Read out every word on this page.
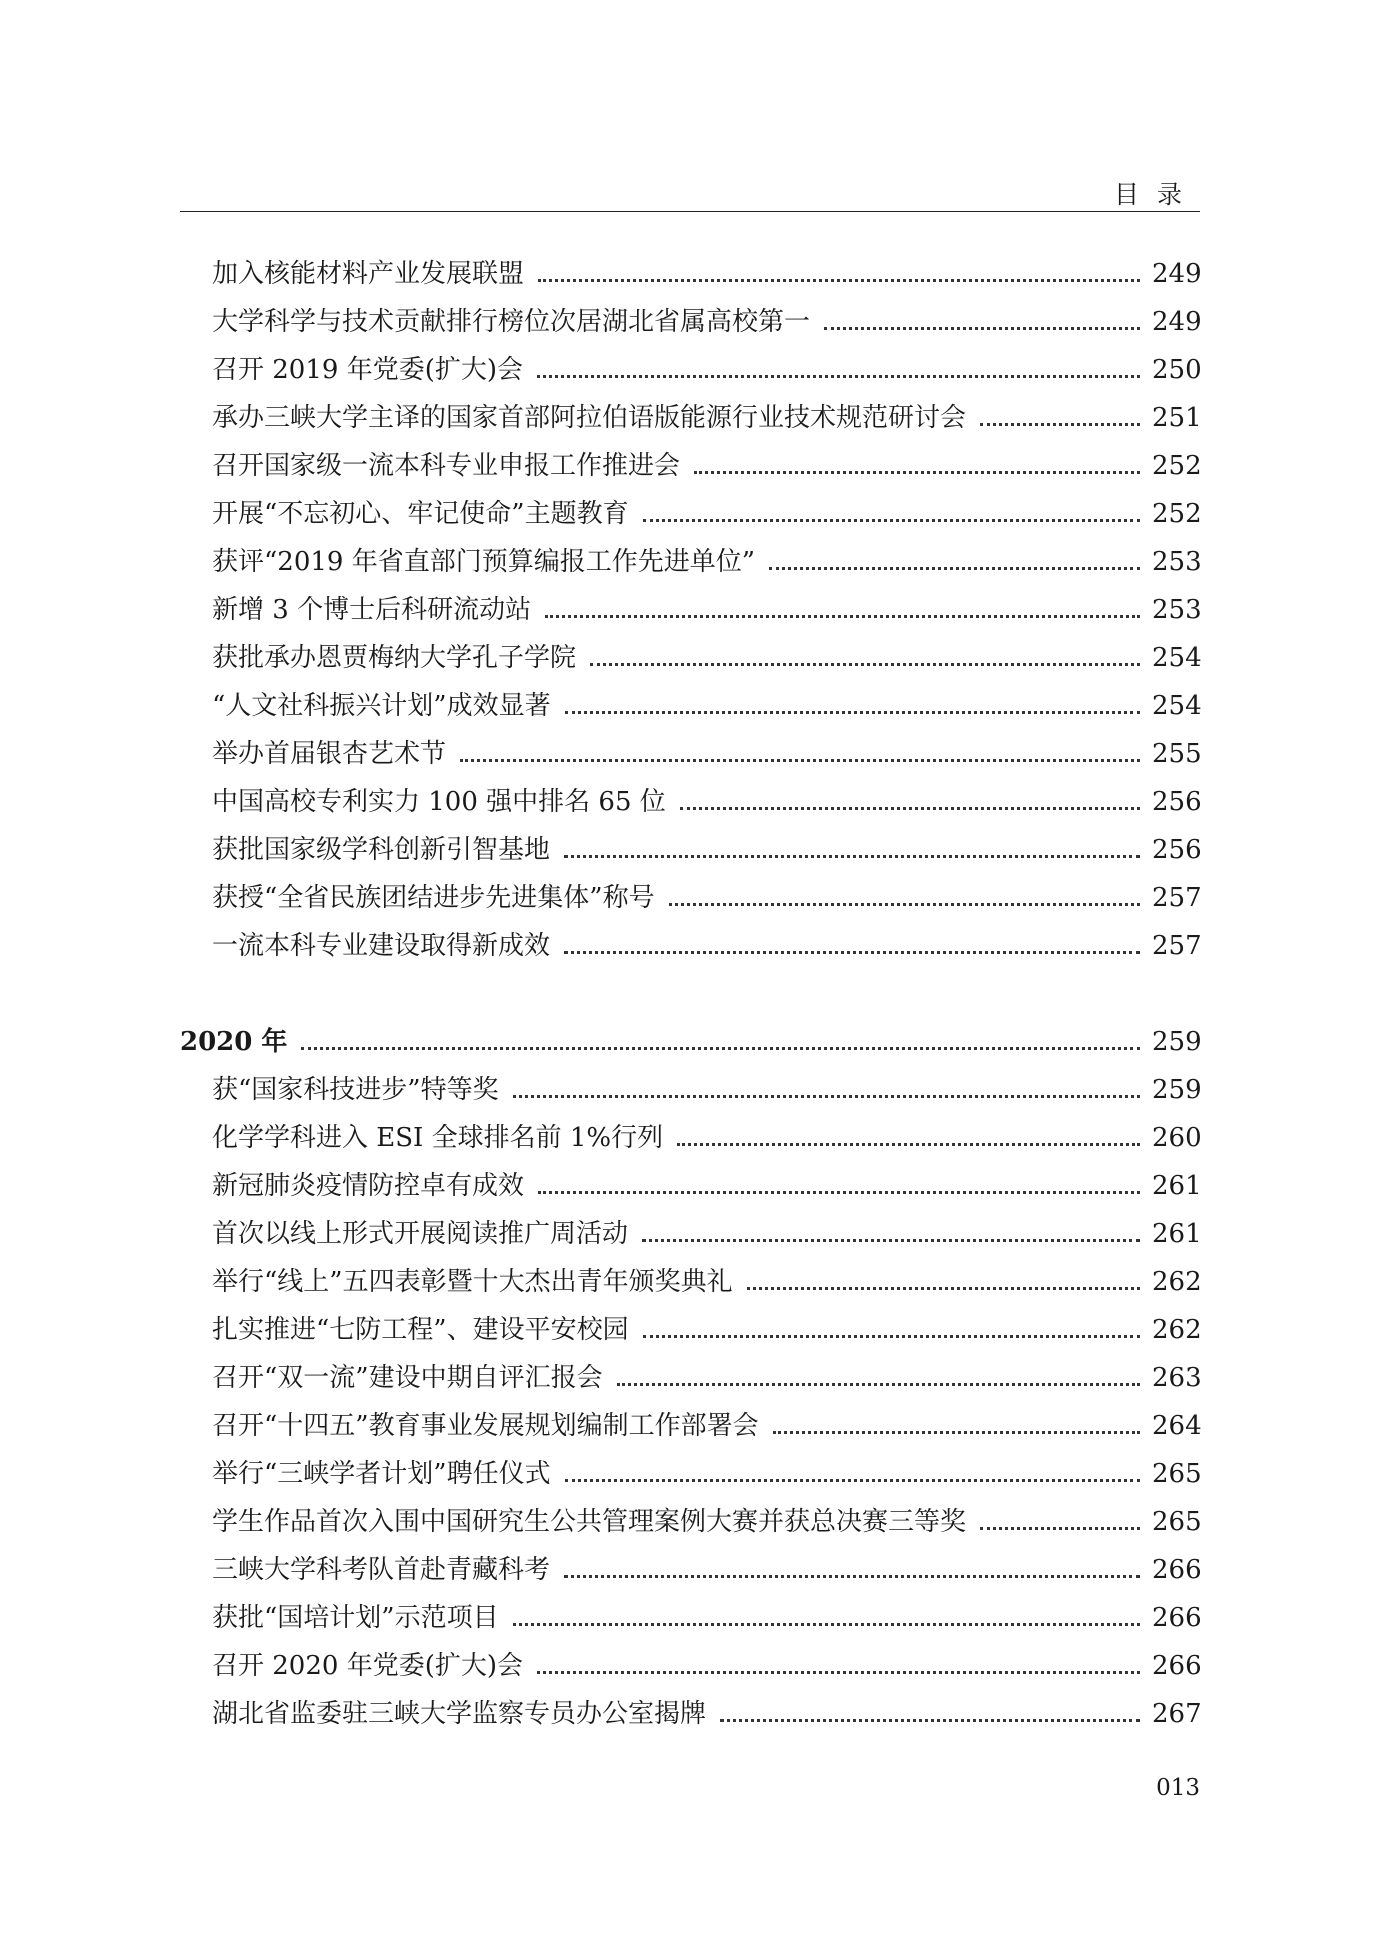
目录
加入核能材料产业发展联盟	249
大学科学与技术贡献排行榜位次居湖北省属高校第一	249
召开 2019 年党委(扩大)会	250
承办三峡大学主译的国家首部阿拉伯语版能源行业技术规范研讨会	251
召开国家级一流本科专业申报工作推进会	252
开展“不忘初心、牢记使命”主题教育	252
获评“2019 年省直部门预算编报工作先进单位”	253
新增 3 个博士后科研流动站	253
获批承办恩贾梅纳大学孔子学院	254
“人文社科振兴计划”成效显著	254
举办首届银杏艺术节	255
中国高校专利实力 100 强中排名 65 位	256
获批国家级学科创新引智基地	256
获授“全省民族团结进步先进集体”称号	257
一流本科专业建设取得新成效	257
2020 年	259
获“国家科技进步”特等奖	259
化学学科进入 ESI 全球排名前 1%行列	260
新冠肺炎疫情防控卓有成效	261
首次以线上形式开展阅读推广周活动	261
举行“线上”五四表彰暨十大杰出青年颁奖典礼	262
扎实推进“七防工程”、建设平安校园	262
召开“双一流”建设中期自评汇报会	263
召开“十四五”教育事业发展规划编制工作部署会	264
举行“三峡学者计划”聘任仪式	265
学生作品首次入围中国研究生公共管理案例大赛并获总决赛三等奖	265
三峡大学科考队首赴青藏科考	266
获批“国培计划”示范项目	266
召开 2020 年党委(扩大)会	266
湖北省监委驻三峡大学监察专员办公室揭牌	267
013
